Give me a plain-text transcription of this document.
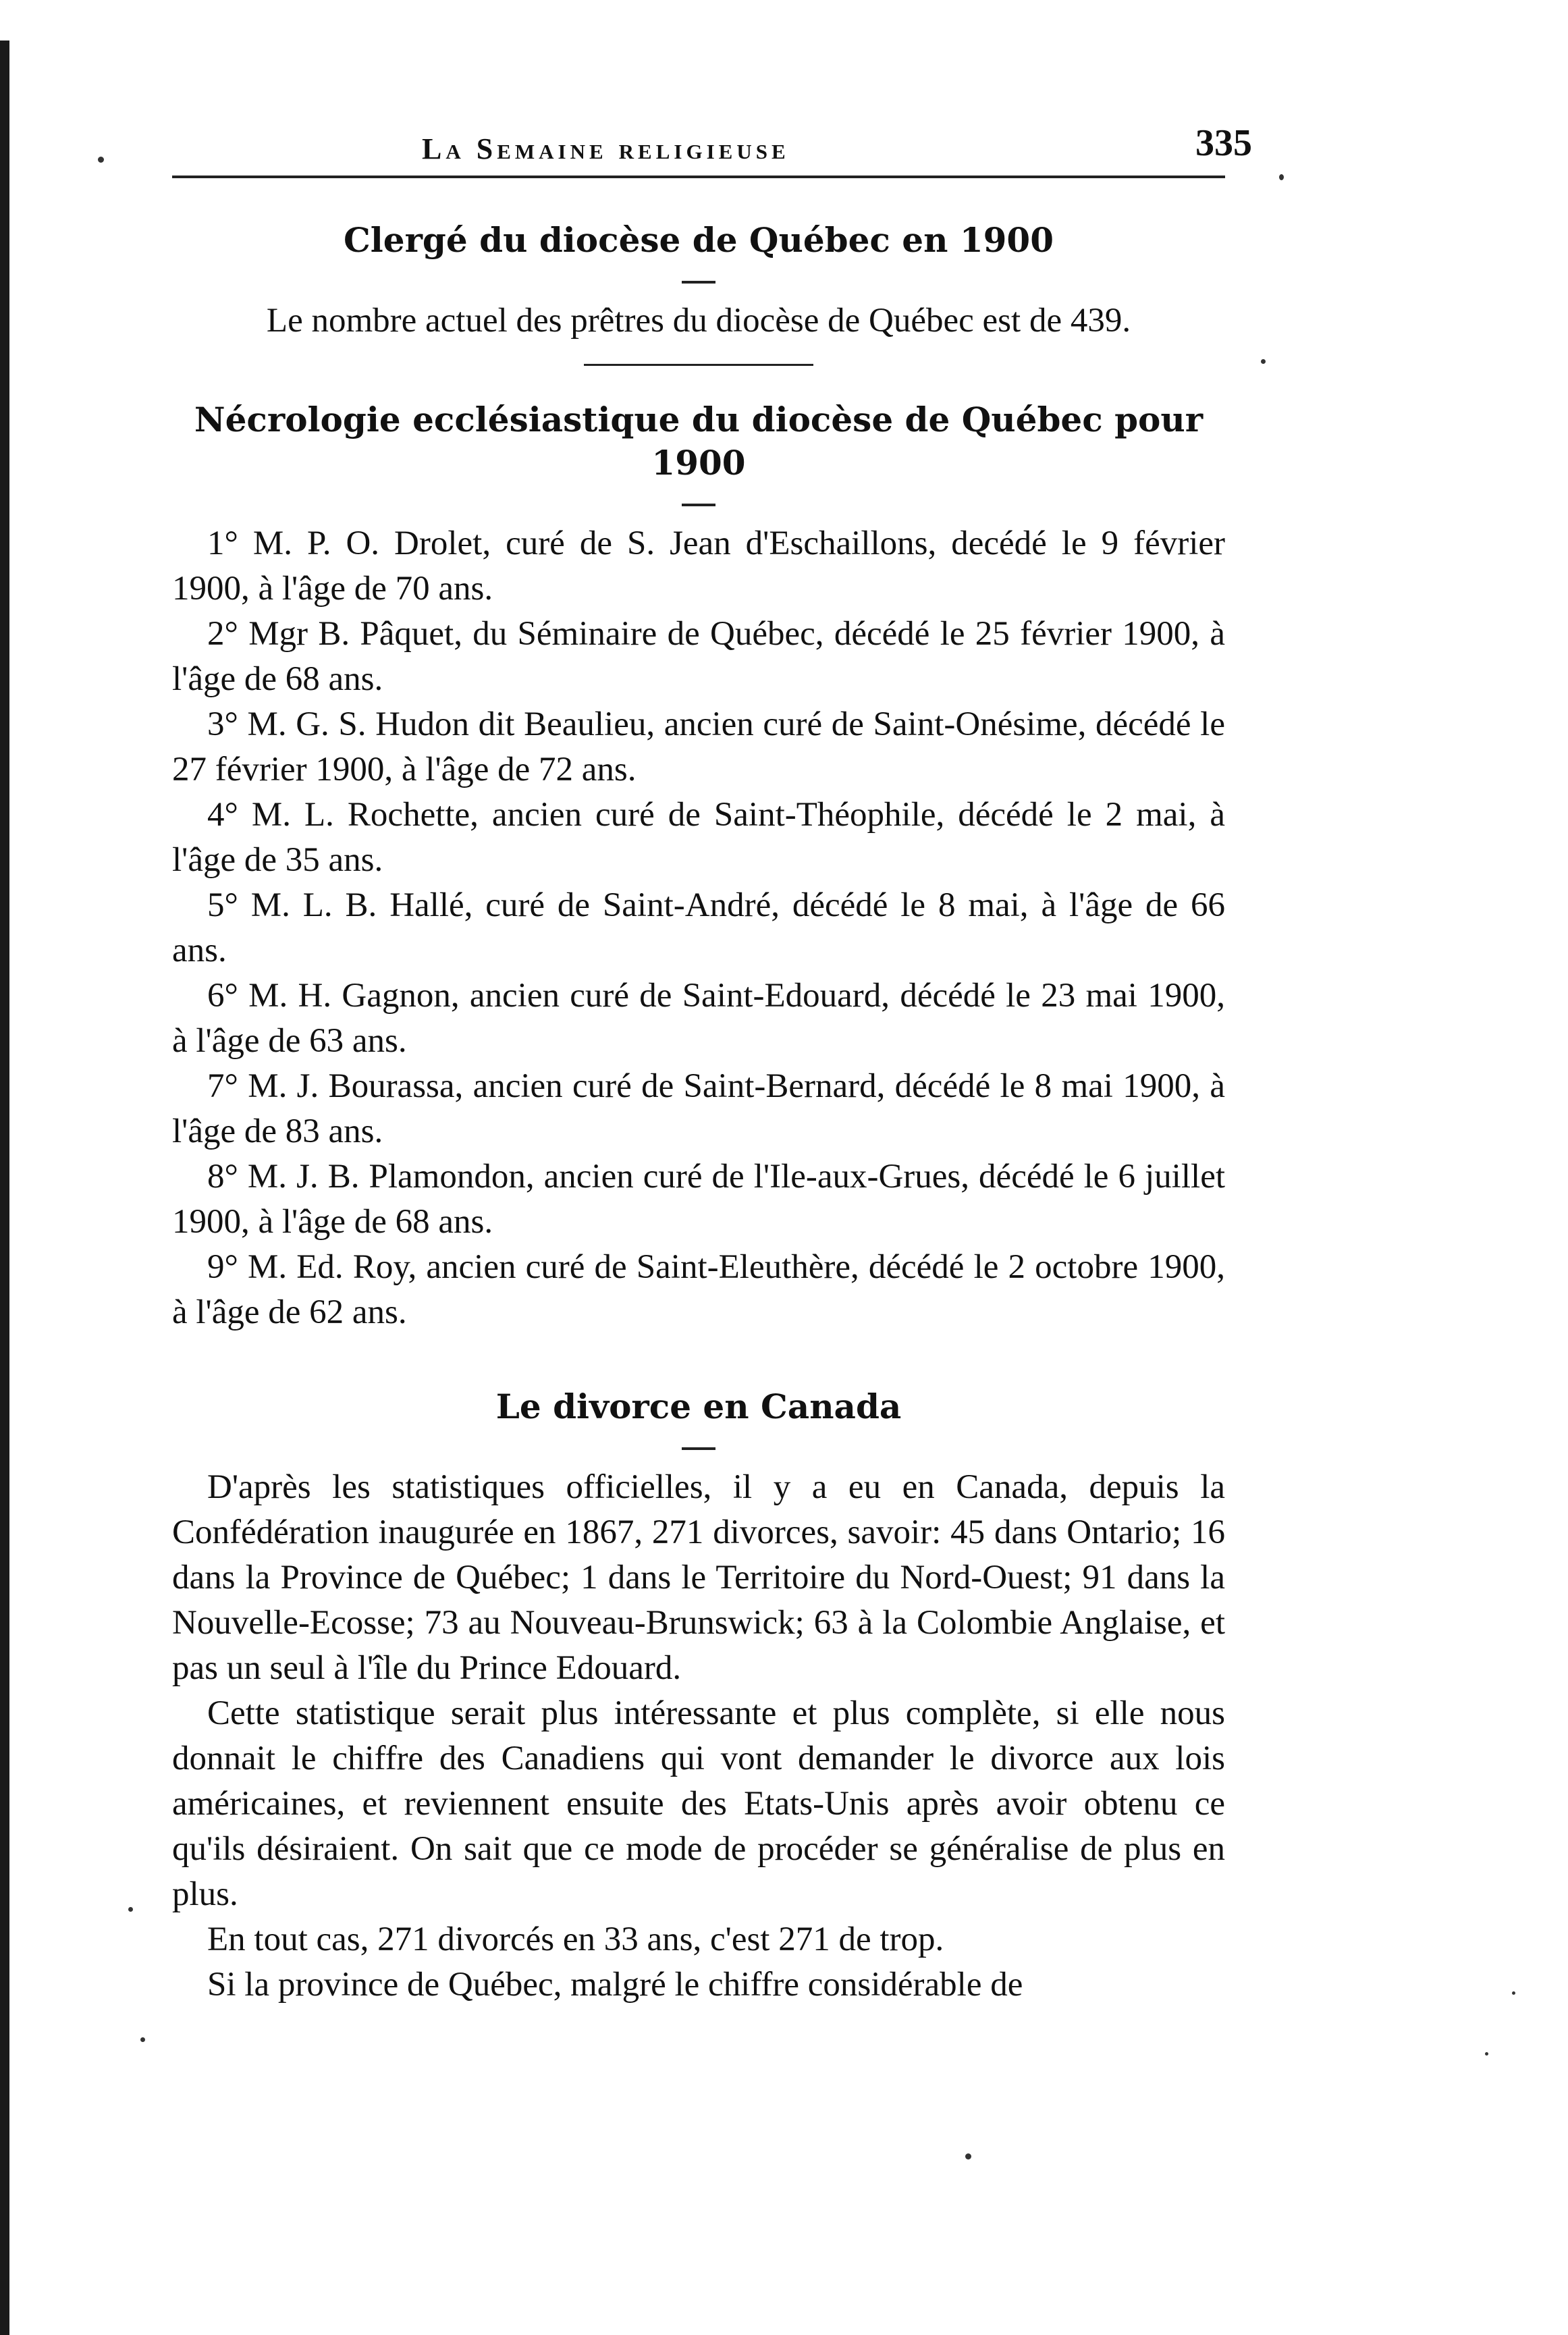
La Semaine religieuse	335
Clergé du diocèse de Québec en 1900

Le nombre actuel des prêtres du diocèse de Québec est de 439.

Nécrologie ecclésiastique du diocèse de Québec pour 1900

1° M. P. O. Drolet, curé de S. Jean d'Eschaillons, decédé le 9 février 1900, à l'âge de 70 ans.

2° Mgr B. Pâquet, du Séminaire de Québec, décédé le 25 février 1900, à l'âge de 68 ans.

3° M. G. S. Hudon dit Beaulieu, ancien curé de Saint-Onésime, décédé le 27 février 1900, à l'âge de 72 ans.

4° M. L. Rochette, ancien curé de Saint-Théophile, décédé le 2 mai, à l'âge de 35 ans.

5° M. L. B. Hallé, curé de Saint-André, décédé le 8 mai, à l'âge de 66 ans.

6° M. H. Gagnon, ancien curé de Saint-Edouard, décédé le 23 mai 1900, à l'âge de 63 ans.

7° M. J. Bourassa, ancien curé de Saint-Bernard, décédé le 8 mai 1900, à l'âge de 83 ans.

8° M. J. B. Plamondon, ancien curé de l'Ile-aux-Grues, décédé le 6 juillet 1900, à l'âge de 68 ans.

9° M. Ed. Roy, ancien curé de Saint-Eleuthère, décédé le 2 octobre 1900, à l'âge de 62 ans.

Le divorce en Canada

D'après les statistiques officielles, il y a eu en Canada, depuis la Confédération inaugurée en 1867, 271 divorces, savoir: 45 dans Ontario; 16 dans la Province de Québec; 1 dans le Territoire du Nord-Ouest; 91 dans la Nouvelle-Ecosse; 73 au Nouveau-Brunswick; 63 à la Colombie Anglaise, et pas un seul à l'île du Prince Edouard.

Cette statistique serait plus intéressante et plus complète, si elle nous donnait le chiffre des Canadiens qui vont demander le divorce aux lois américaines, et reviennent ensuite des Etats-Unis après avoir obtenu ce qu'ils désiraient. On sait que ce mode de procéder se généralise de plus en plus.

En tout cas, 271 divorcés en 33 ans, c'est 271 de trop.

Si la province de Québec, malgré le chiffre considérable de
